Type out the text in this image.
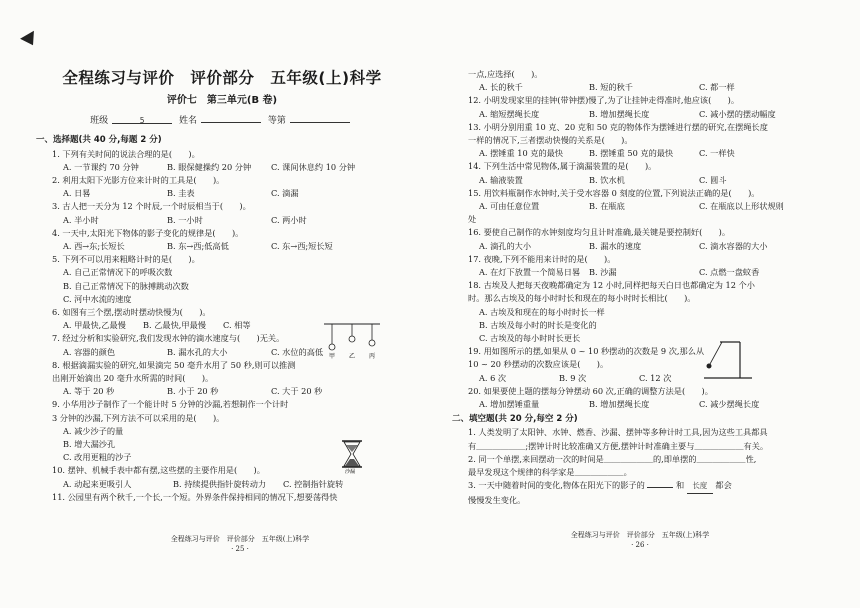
全程练习与评价　评价部分　五年级(上)科学
评价七　第三单元(B 卷)
班级	5	姓名	等第
一、选择题(共 40 分,每题 2 分)
1. 下列有关时间的说法合理的是(　　)。
A. 一节课约 70 分钟	B. 眼保健操约 20 分钟 C. 课间休息约 10 分钟
2. 利用太阳下光影方位来计时的工具是(　　)。
A. 日晷	B. 圭表	C. 滴漏
3. 古人把一天分为 12 个时辰,一个时辰相当于(　　)。
A. 半小时	B. 一小时	C. 两小时
4. 一天中,太阳光下物体的影子变化的规律是(　　)。
A. 西→东;长短长	B. 东→西;低高低	C. 东→西;短长短
5. 下列不可以用来粗略计时的是(　　)。
A. 自己正常情况下的呼吸次数
B. 自己正常情况下的脉搏跳动次数
C. 河中水流的速度
6. 如图有三个摆,摆动时摆动快慢为(　　)。
A. 甲最快,乙最慢 B. 乙最快,甲最慢 C. 相等
7. 经过分析和实验研究,我们发现水钟的滴水速度与(　　)无关。
A. 容器的颜色	B. 漏水孔的大小	C. 水位的高低
8. 根据滴漏实验的研究,如果滴完 50 毫升水用了 50 秒,则可以推测
出刚开始滴出 20 毫升水所需的时间(　　)。
A. 等于 20 秒	B. 小于 20 秒	C. 大于 20 秒
9. 小华用沙子制作了一个能计时 5 分钟的沙漏,若想制作一个计时
3 分钟的沙漏,下列方法不可以采用的是(　　)。
A. 减少沙子的量
B. 增大漏沙孔
C. 改用更粗的沙子
10. 摆钟、机械手表中都有摆,这些摆的主要作用是(　　)。
A. 动起来更吸引人	B. 持续提供指针旋转动力 C. 控制指针旋转
11. 公园里有两个秋千,一个长,一个短。外界条件保持相同的情况下,想要荡得快
甲 乙 丙
沙漏
一点,应选择(　　)。
A. 长的秋千	B. 短的秋千	C. 都一样
12. 小明发现家里的挂钟(带钟摆)慢了,为了让挂钟走得准时,他应该(　　)。
A. 缩短摆绳长度	B. 增加摆绳长度	C. 减小摆的摆动幅度
13. 小明分别用重 10 克、20 克和 50 克的物体作为摆锤进行摆的研究,在摆绳长度
一样的情况下,三者摆动快慢的关系是(　　)。
A. 摆锤重 10 克的最快	B. 摆锤重 50 克的最快	C. 一样快
14. 下列生活中常见物体,属于滴漏装置的是(　　)。
A. 输液装置	B. 饮水机	C. 圆斗
15. 用饮料瓶制作水钟时,关于受水容器 0 刻度的位置,下列说法正确的是(　　)。
A. 可由任意位置	B. 在瓶底	C. 在瓶底以上形状规则
处
16. 要使自己制作的水钟刻度均匀且计时准确,最关键是要控制好(　　)。
A. 滴孔的大小	B. 漏水的速度	C. 滴水容器的大小
17. 夜晚,下列不能用来计时的是(　　)。
A. 在灯下放置一个简易日晷 B. 沙漏	C. 点燃一盘蚊香
18. 古埃及人把每天夜晚都确定为 12 小时,同样把每天白日也都确定为 12 个小
时。那么古埃及的每小时时长和现在的每小时时长相比(　　)。
A. 古埃及和现在的每小时时长一样
B. 古埃及每小时的时长是变化的
C. 古埃及的每小时时长更长
19. 用如图所示的摆,如果从 0 ~ 10 秒摆动的次数是 9 次,那么从
10 ~ 20 秒摆动的次数应该是(　　)。
A. 6 次	B. 9 次	C. 12 次
20. 如果要使上题的摆每分钟摆动 60 次,正确的调整方法是(　　)。
A. 增加摆锤重量	B. 增加摆绳长度	C. 减少摆绳长度
二、填空题(共 20 分,每空 2 分)
1. 人类发明了太阳钟、水钟、燃香、沙漏、摆钟等多种计时工具,因为这些工具都具
有＿＿＿＿＿＿;摆钟计时比较准确又方便,摆钟计时准确主要与＿＿＿＿＿＿有关。
2. 同一个单摆,来回摆动一次的时间是＿＿＿＿＿＿的,即单摆的＿＿＿＿＿＿性,
最早发现这个规律的科学家是＿＿＿＿＿＿。
3. 一天中随着时间的变化,物体在阳光下的影子的	和 长度 都会
慢慢发生变化。
全程练习与评价　评价部分　五年级(上)科学
· 25 ·
全程练习与评价　评价部分　五年级(上)科学
· 26 ·
